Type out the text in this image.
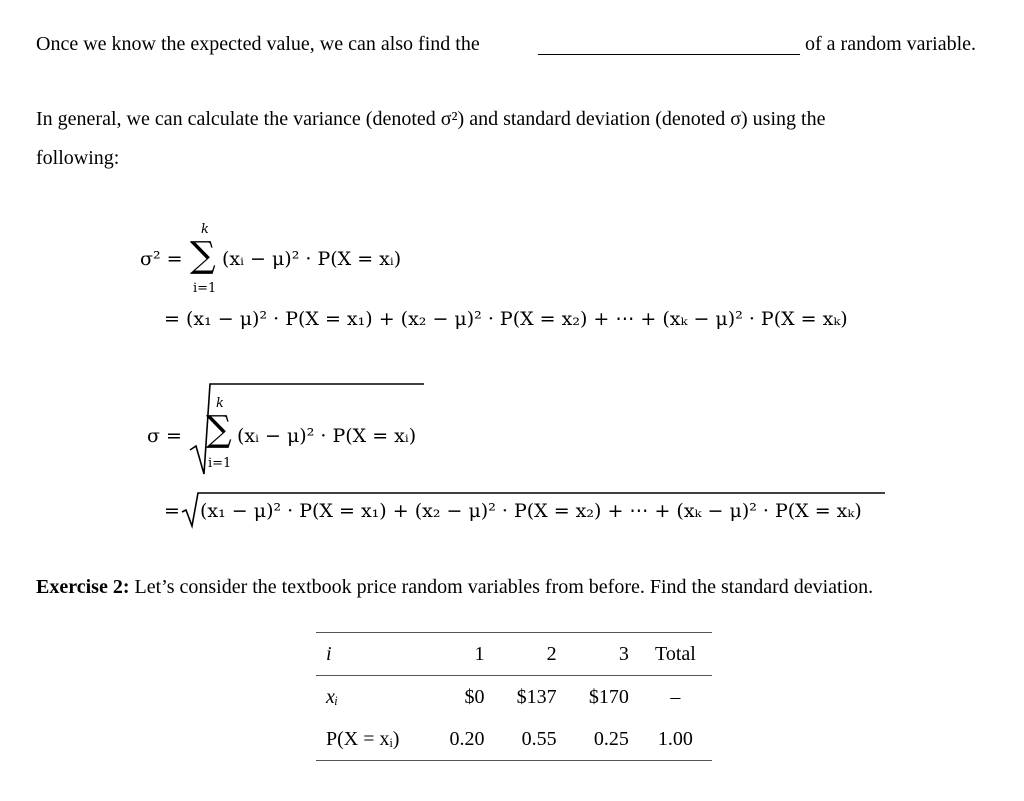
Once we know the expected value, we can also find the	of a random variable.
In general, we can calculate the variance (denoted σ²) and standard deviation (denoted σ) using the
following:
σ² =
k
∑
i=1
(xᵢ − μ)² · P(X = xᵢ)
= (x₁ − μ)² · P(X = x₁) + (x₂ − μ)² · P(X = x₂) + ⋯ + (xₖ − μ)² · P(X = xₖ)
σ =
k
∑
i=1
(xᵢ − μ)² · P(X = xᵢ)
= (x₁ − μ)² · P(X = x₁) + (x₂ − μ)² · P(X = x₂) + ⋯ + (xₖ − μ)² · P(X = xₖ)
Exercise 2: Let’s consider the textbook price random variables from before. Find the standard deviation.
i	1	2	3	Total
xᵢ	$0	$137	$170	–
P(X = xᵢ)	0.20	0.55	0.25	1.00
